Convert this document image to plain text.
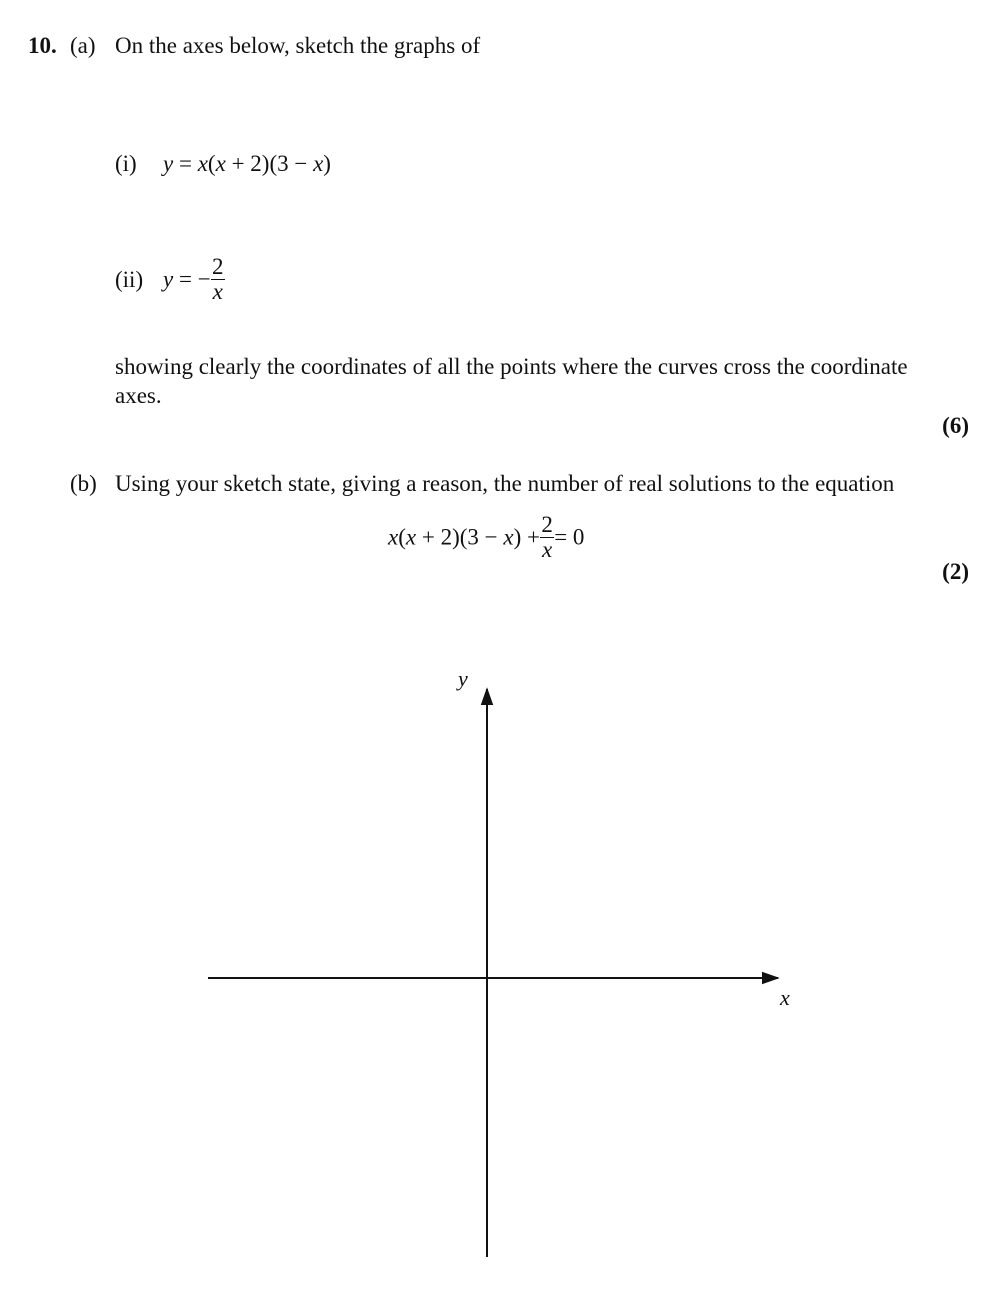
10. (a) On the axes below, sketch the graphs of
(i) y = x(x + 2)(3 − x)
(ii) y = − $\frac{2}{x}$
showing clearly the coordinates of all the points where the curves cross the coordinate
axes.
(6)
(b) Using your sketch state, giving a reason, the number of real solutions to the equation
$x(x + 2)(3 - x) + \frac{2}{x} = 0$
(2)
x
y
